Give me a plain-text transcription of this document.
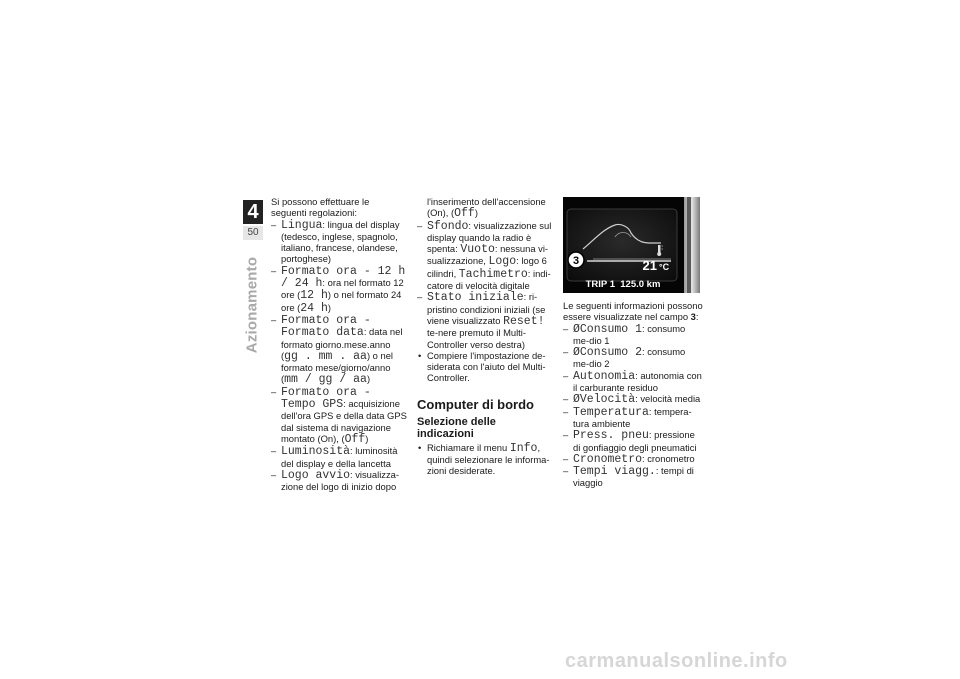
4
50
Azionamento

Si possono effettuare le seguenti regolazioni:

– Lingua: lingua del display (tedesco, inglese, spagnolo, italiano, francese, olandese, portoghese)
– Formato ora - 12 h / 24 h: ora nel formato 12 ore (12 h) o nel formato 24 ore (24 h)
– Formato ora - Formato data: data nel formato giorno.mese.anno (gg . mm . aa) o nel formato mese/giorno/anno (mm / gg / aa)
– Formato ora - Tempo GPS: acquisizione dell'ora GPS e della data GPS dal sistema di navigazione montato (On), (Off)
– Luminosità: luminosità del display e della lancetta
– Logo avvio: visualizza-zione del logo di inizio dopo

l'inserimento dell'accensione (On), (Off)

– Sfondo: visualizzazione sul display quando la radio è spenta: Vuoto: nessuna vi-sualizzazione, Logo: logo 6 cilindri, Tachimetro: indi-catore di velocità digitale
– Stato iniziale: ri-pristino condizioni iniziali (se viene visualizzato Reset! te-nere premuto il Multi-Controller verso destra)
• Compiere l'impostazione de-siderata con l'aiuto del Multi-Controller.
Computer di bordo
Selezione delle indicazioni
• Richiamare il menu Info, quindi selezionare le informa-zioni desiderate.
3	21 °C
TRIP 1  125.0 km

Le seguenti informazioni possono essere visualizzate nel campo 3:

– ØConsumo 1: consumo me-dio 1
– ØConsumo 2: consumo me-dio 2
– Autonomia: autonomia con il carburante residuo
– ØVelocità: velocità media
– Temperatura: tempera-tura ambiente
– Press. pneu: pressione di gonfiaggio degli pneumatici
– Cronometro: cronometro
– Tempi viagg.: tempi di viaggio
carmanualsonline.info
